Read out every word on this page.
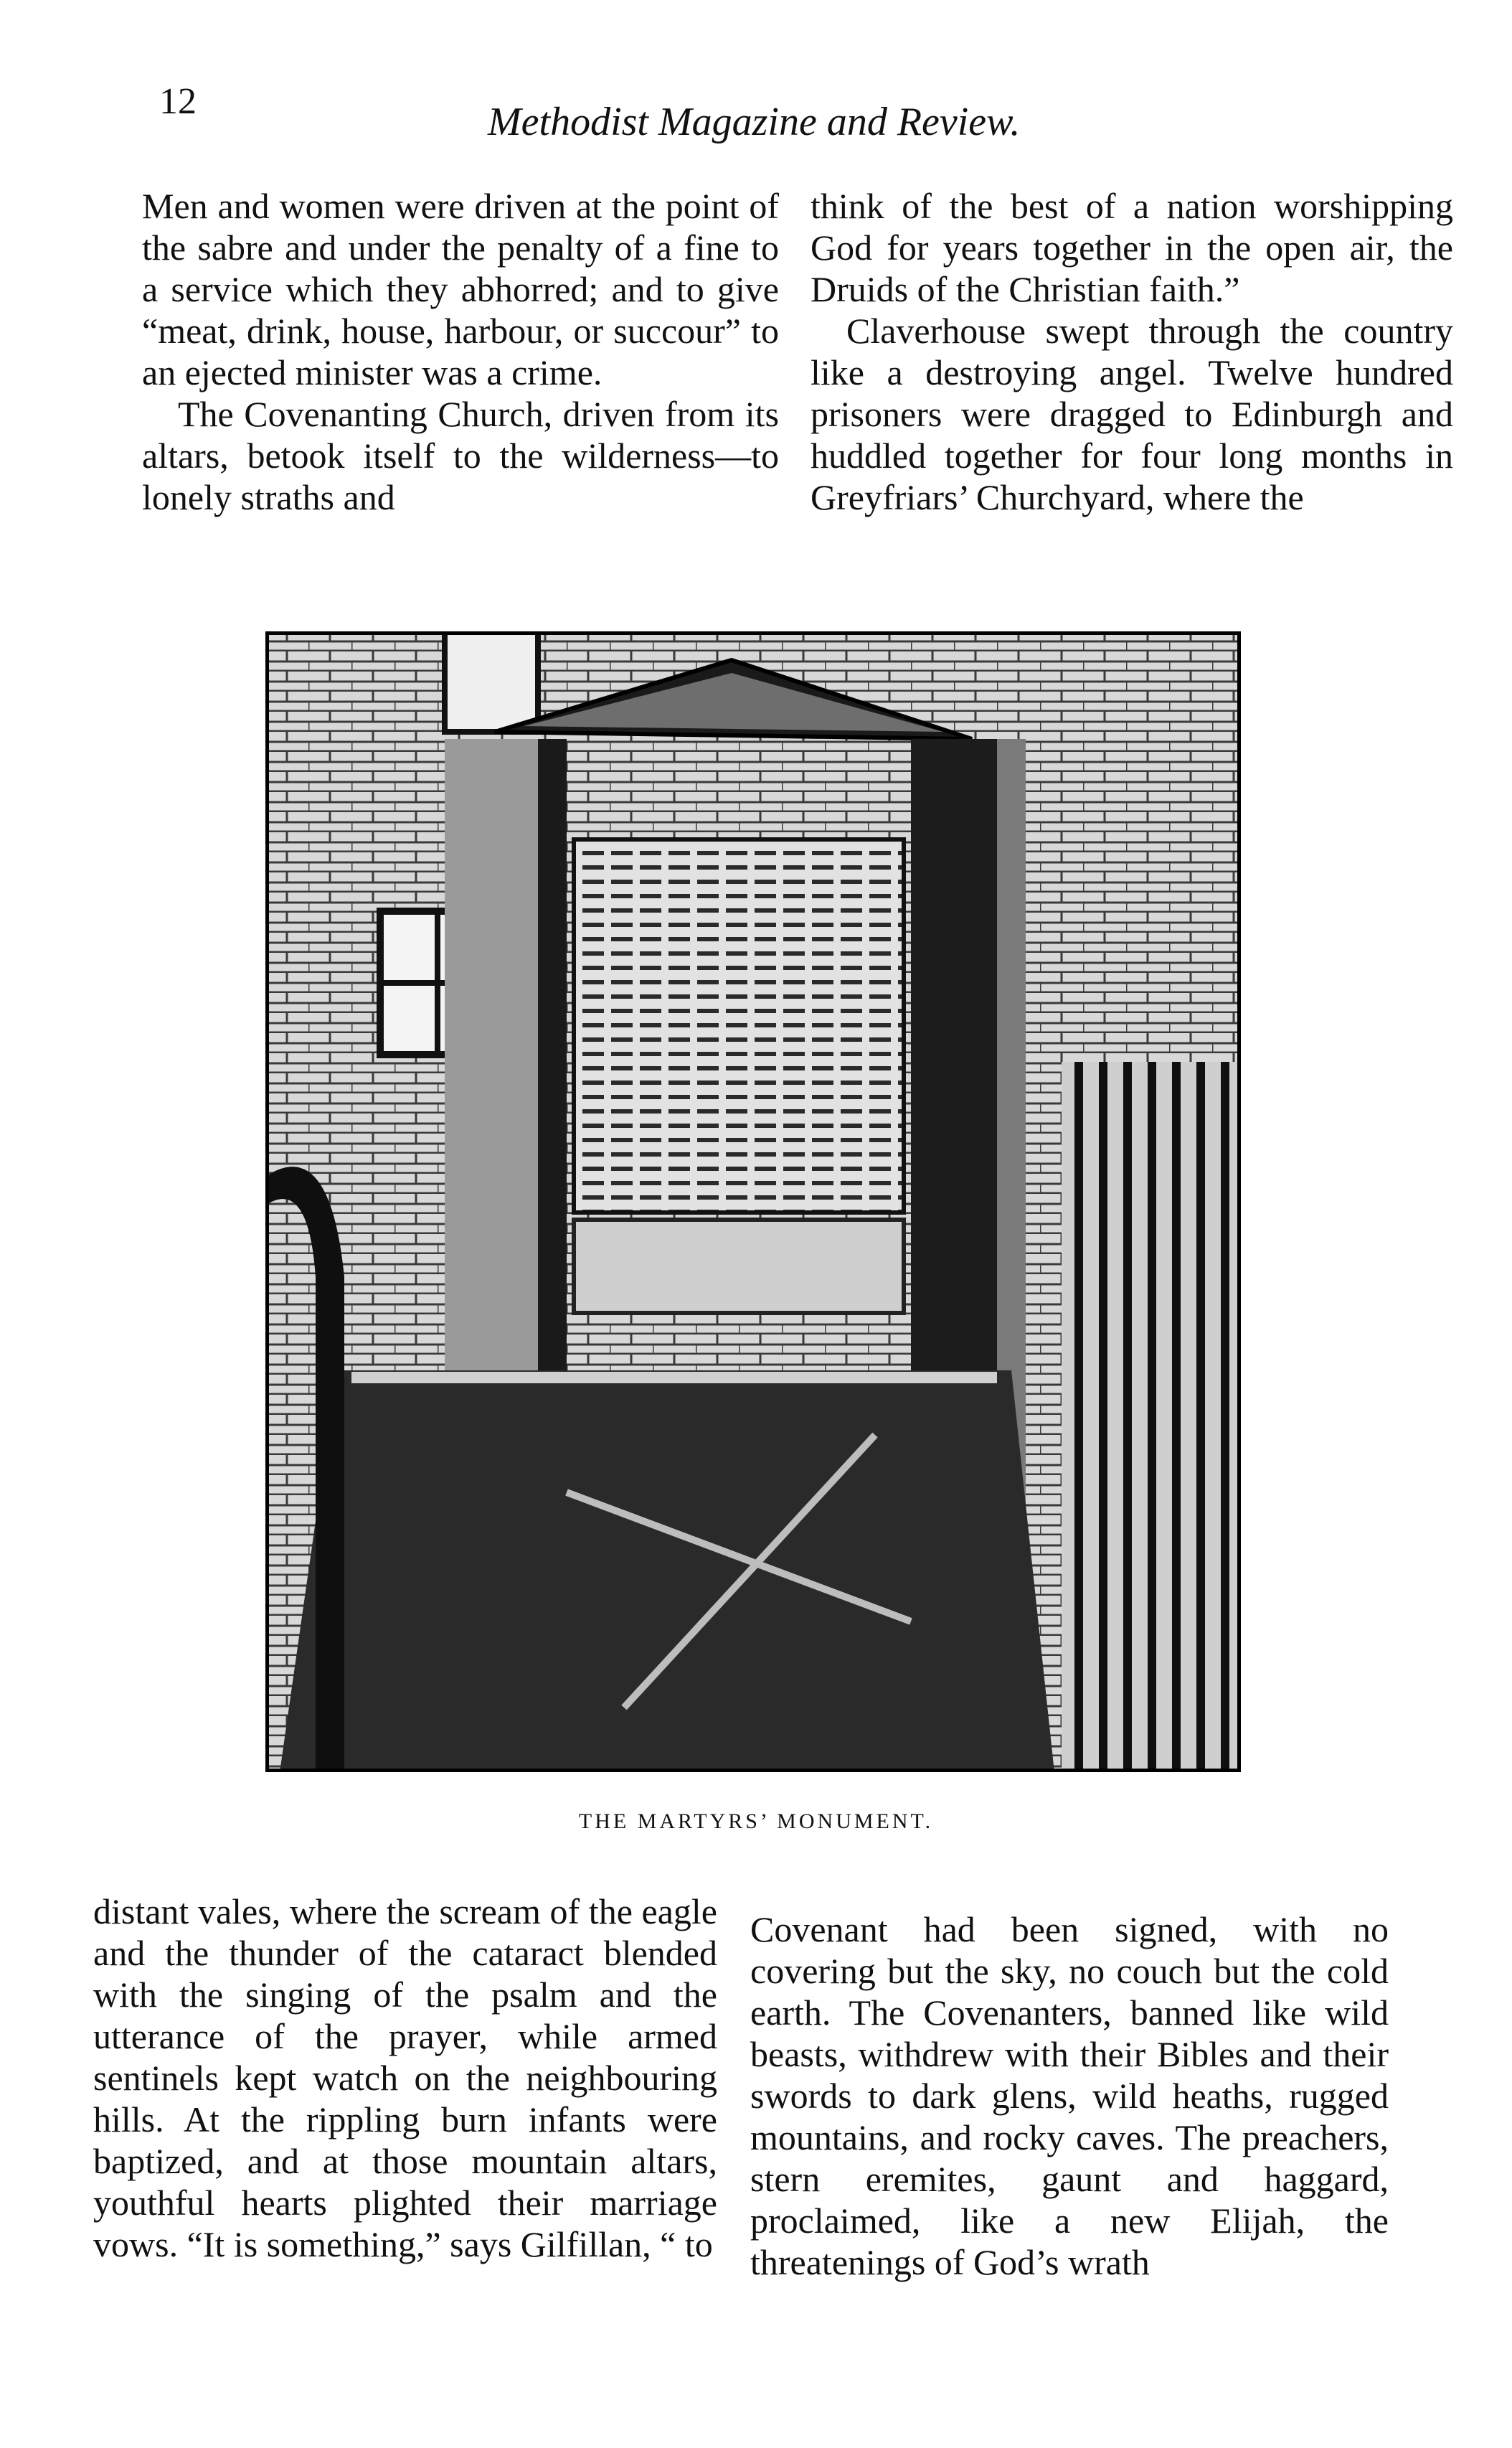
12	Methodist Magazine and Review.

Men and women were driven at the point of the sabre and under the penalty of a fine to a service which they abhorred; and to give “meat, drink, house, harbour, or succour” to an ejected minister was a crime.

The Covenanting Church, driven from its altars, betook itself to the wilderness—to lonely straths and

think of the best of a nation worshipping God for years together in the open air, the Druids of the Christian faith.”

Claverhouse swept through the country like a destroying angel. Twelve hundred prisoners were dragged to Edinburgh and huddled together for four long months in Greyfriars’ Churchyard, where the

THE MARTYRS’ MONUMENT.

distant vales, where the scream of the eagle and the thunder of the cataract blended with the singing of the psalm and the utterance of the prayer, while armed sentinels kept watch on the neighbouring hills. At the rippling burn infants were baptized, and at those mountain altars, youthful hearts plighted their marriage vows. “It is something,” says Gilfillan, “ to

Covenant had been signed, with no covering but the sky, no couch but the cold earth. The Covenanters, banned like wild beasts, withdrew with their Bibles and their swords to dark glens, wild heaths, rugged mountains, and rocky caves. The preachers, stern eremites, gaunt and haggard, proclaimed, like a new Elijah, the threatenings of God’s wrath
